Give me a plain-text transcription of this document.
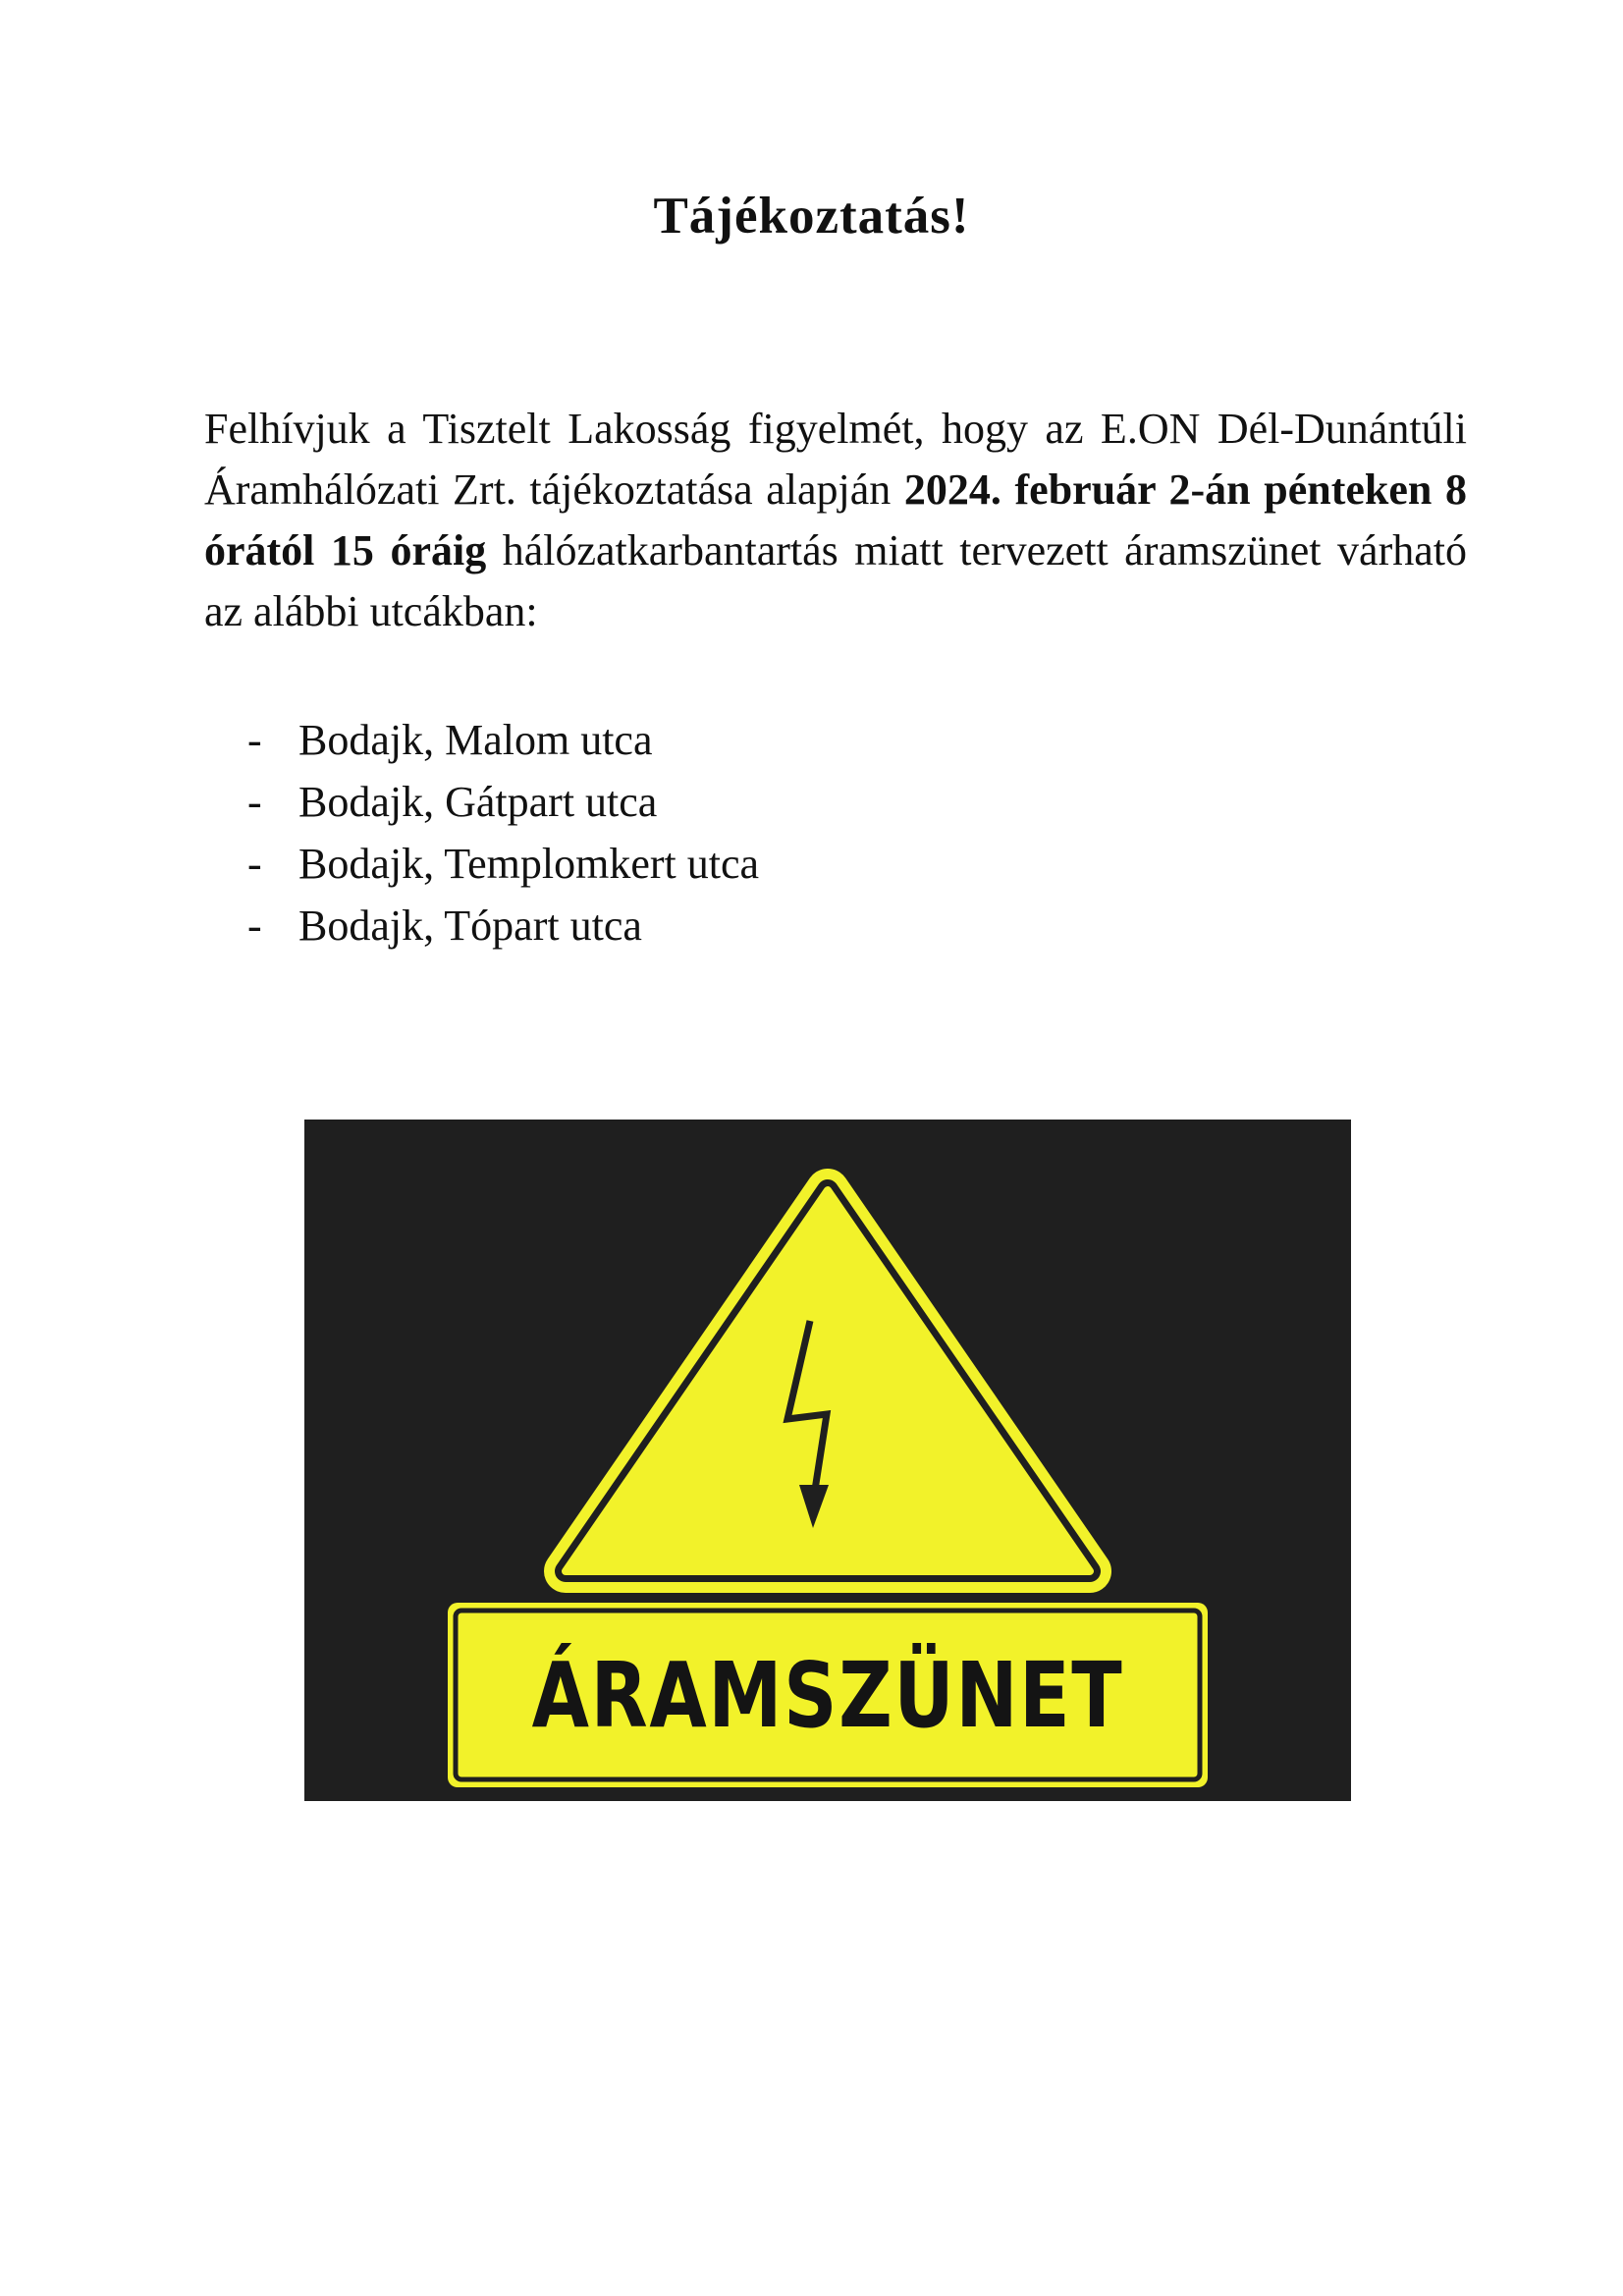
Tájékoztatás!

Felhívjuk a Tisztelt Lakosság figyelmét, hogy az E.ON Dél-Dunántúli Áramhálózati Zrt. tájékoztatása alapján 2024. február 2-án pénteken 8 órától 15 óráig hálózatkarbantartás miatt tervezett áramszünet várható az alábbi utcákban:

- Bodajk, Malom utca
- Bodajk, Gátpart utca
- Bodajk, Templomkert utca
- Bodajk, Tópart utca
ÁRAMSZÜNET
